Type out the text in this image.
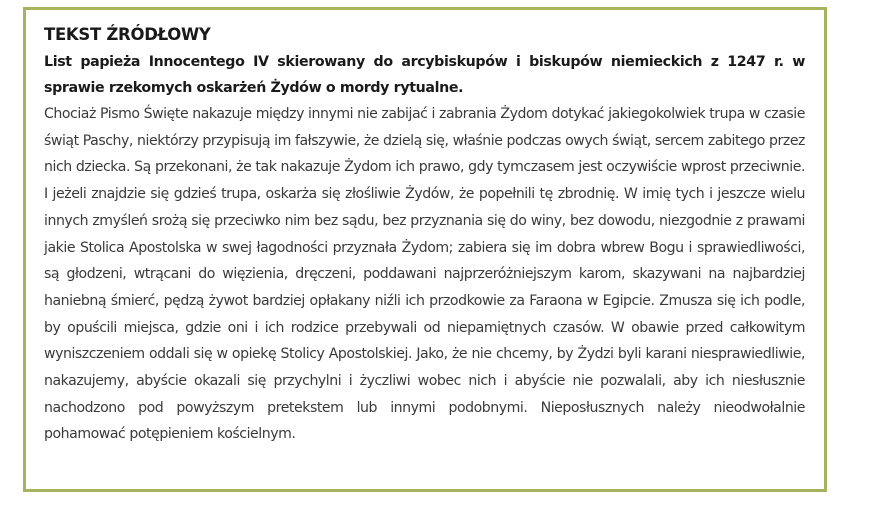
TEKST ŹRÓDŁOWY

List papieża Innocentego IV skierowany do arcybiskupów i biskupów niemieckich z 1247 r. w sprawie rzekomych oskarżeń Żydów o mordy rytualne.

Chociaż Pismo Święte nakazuje między innymi nie zabijać i zabrania Żydom dotykać jakiegokolwiek trupa w czasie świąt Paschy, niektórzy przypisują im fałszywie, że dzielą się, właśnie podczas owych świąt, sercem zabitego przez nich dziecka. Są przekonani, że tak nakazuje Żydom ich prawo, gdy tymczasem jest oczywiście wprost przeciwnie. I jeżeli znajdzie się gdzieś trupa, oskarża się złośliwie Żydów, że popełnili tę zbrodnię. W imię tych i jeszcze wielu innych zmyśleń srożą się przeciwko nim bez sądu, bez przyznania się do winy, bez dowodu, niezgodnie z prawami jakie Stolica Apostolska w swej łagodności przyznała Żydom; zabiera się im dobra wbrew Bogu i sprawiedliwości, są głodzeni, wtrącani do więzienia, dręczeni, poddawani najprzeróżniejszym karom, skazywani na najbardziej haniebną śmierć, pędzą żywot bardziej opłakany niźli ich przodkowie za Faraona w Egipcie. Zmusza się ich podle, by opuścili miejsca, gdzie oni i ich rodzice przebywali od niepamiętnych czasów. W obawie przed całkowitym wyniszczeniem oddali się w opiekę Stolicy Apostolskiej. Jako, że nie chcemy, by Żydzi byli karani niesprawiedliwie, nakazujemy, abyście okazali się przychylni i życzliwi wobec nich i abyście nie pozwalali, aby ich niesłusznie nachodzono pod powyższym pretekstem lub innymi podobnymi. Nieposłusznych należy nieodwołalnie pohamować potępieniem kościelnym.
